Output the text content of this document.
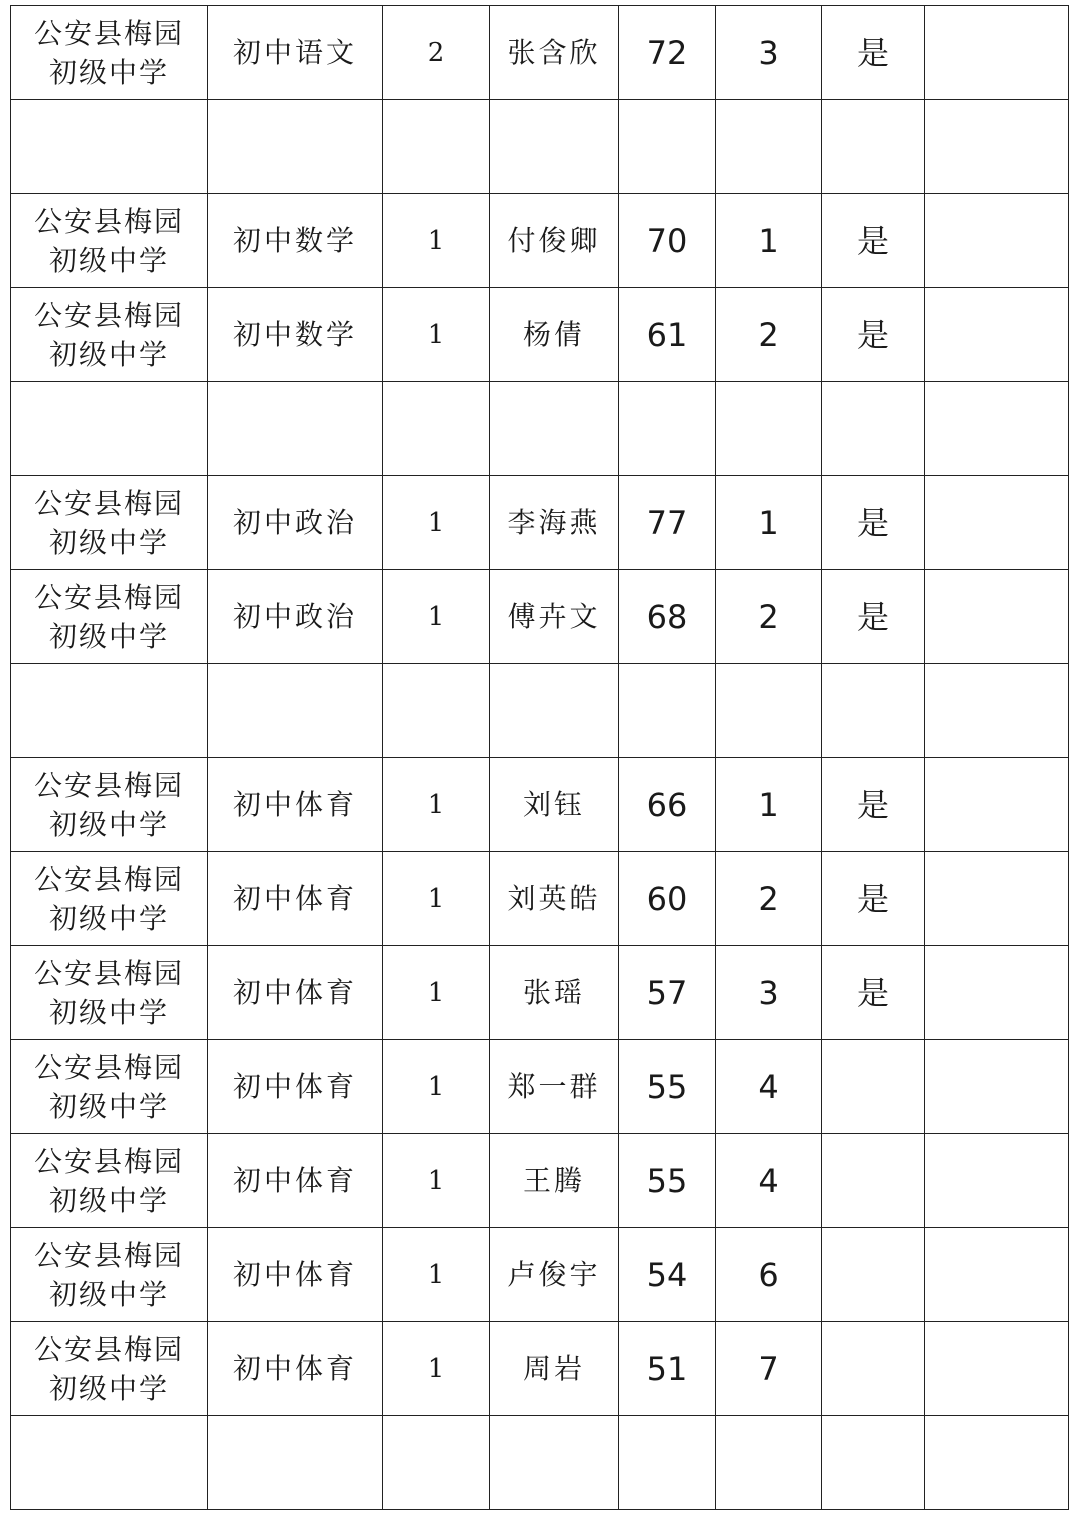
公安县梅园
初级中学	初中语文	2	张含欣	72	3	是	

公安县梅园
初级中学	初中数学	1	付俊卿	70	1	是	

公安县梅园
初级中学	初中数学	1	杨倩	61	2	是	

公安县梅园
初级中学	初中政治	1	李海燕	77	1	是	

公安县梅园
初级中学	初中政治	1	傅卉文	68	2	是	

公安县梅园
初级中学	初中体育	1	刘钰	66	1	是	

公安县梅园
初级中学	初中体育	1	刘英皓	60	2	是	

公安县梅园
初级中学	初中体育	1	张瑶	57	3	是	

公安县梅园
初级中学	初中体育	1	郑一群	55	4		

公安县梅园
初级中学	初中体育	1	王腾	55	4		

公安县梅园
初级中学	初中体育	1	卢俊宇	54	6		

公安县梅园
初级中学	初中体育	1	周岩	51	7		
